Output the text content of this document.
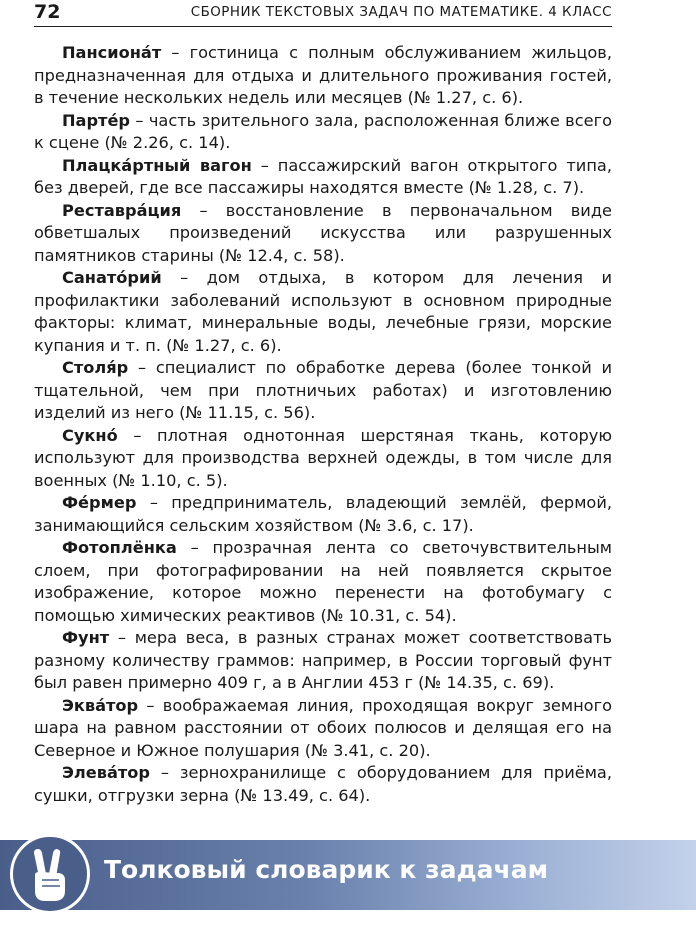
72	СБОРНИК ТЕКСТОВЫХ ЗАДАЧ ПО МАТЕМАТИКЕ. 4 КЛАСС

Пансиона́т – гостиница с полным обслуживанием жильцов, предназначенная для отдыха и длительного проживания гостей, в течение нескольких недель или месяцев (№ 1.27, с. 6).

Парте́р – часть зрительного зала, расположенная ближе всего к сцене (№ 2.26, с. 14).

Плацка́ртный вагон – пассажирский вагон открытого типа, без дверей, где все пассажиры находятся вместе (№ 1.28, с. 7).

Реставра́ция – восстановление в первоначальном виде обветшалых произведений искусства или разрушенных памятников старины (№ 12.4, с. 58).

Санато́рий – дом отдыха, в котором для лечения и профилактики заболеваний используют в основном природные факторы: климат, минеральные воды, лечебные грязи, морские купания и т. п. (№ 1.27, с. 6).

Столя́р – специалист по обработке дерева (более тонкой и тщательной, чем при плотничьих работах) и изготовлению изделий из него (№ 11.15, с. 56).

Сукно́ – плотная однотонная шерстяная ткань, которую используют для производства верхней одежды, в том числе для военных (№ 1.10, с. 5).

Фе́рмер – предприниматель, владеющий землёй, фермой, занимающийся сельским хозяйством (№ 3.6, с. 17).

Фотоплёнка – прозрачная лента со светочувствительным слоем, при фотографировании на ней появляется скрытое изображение, которое можно перенести на фотобумагу с помощью химических реактивов (№ 10.31, с. 54).

Фунт – мера веса, в разных странах может соответствовать разному количеству граммов: например, в России торговый фунт был равен примерно 409 г, а в Англии 453 г (№ 14.35, с. 69).

Эква́тор – воображаемая линия, проходящая вокруг земного шара на равном расстоянии от обоих полюсов и делящая его на Северное и Южное полушария (№ 3.41, с. 20).

Элева́тор – зернохранилище с оборудованием для приёма, сушки, отгрузки зерна (№ 13.49, с. 64).

Толковый словарик к задачам
